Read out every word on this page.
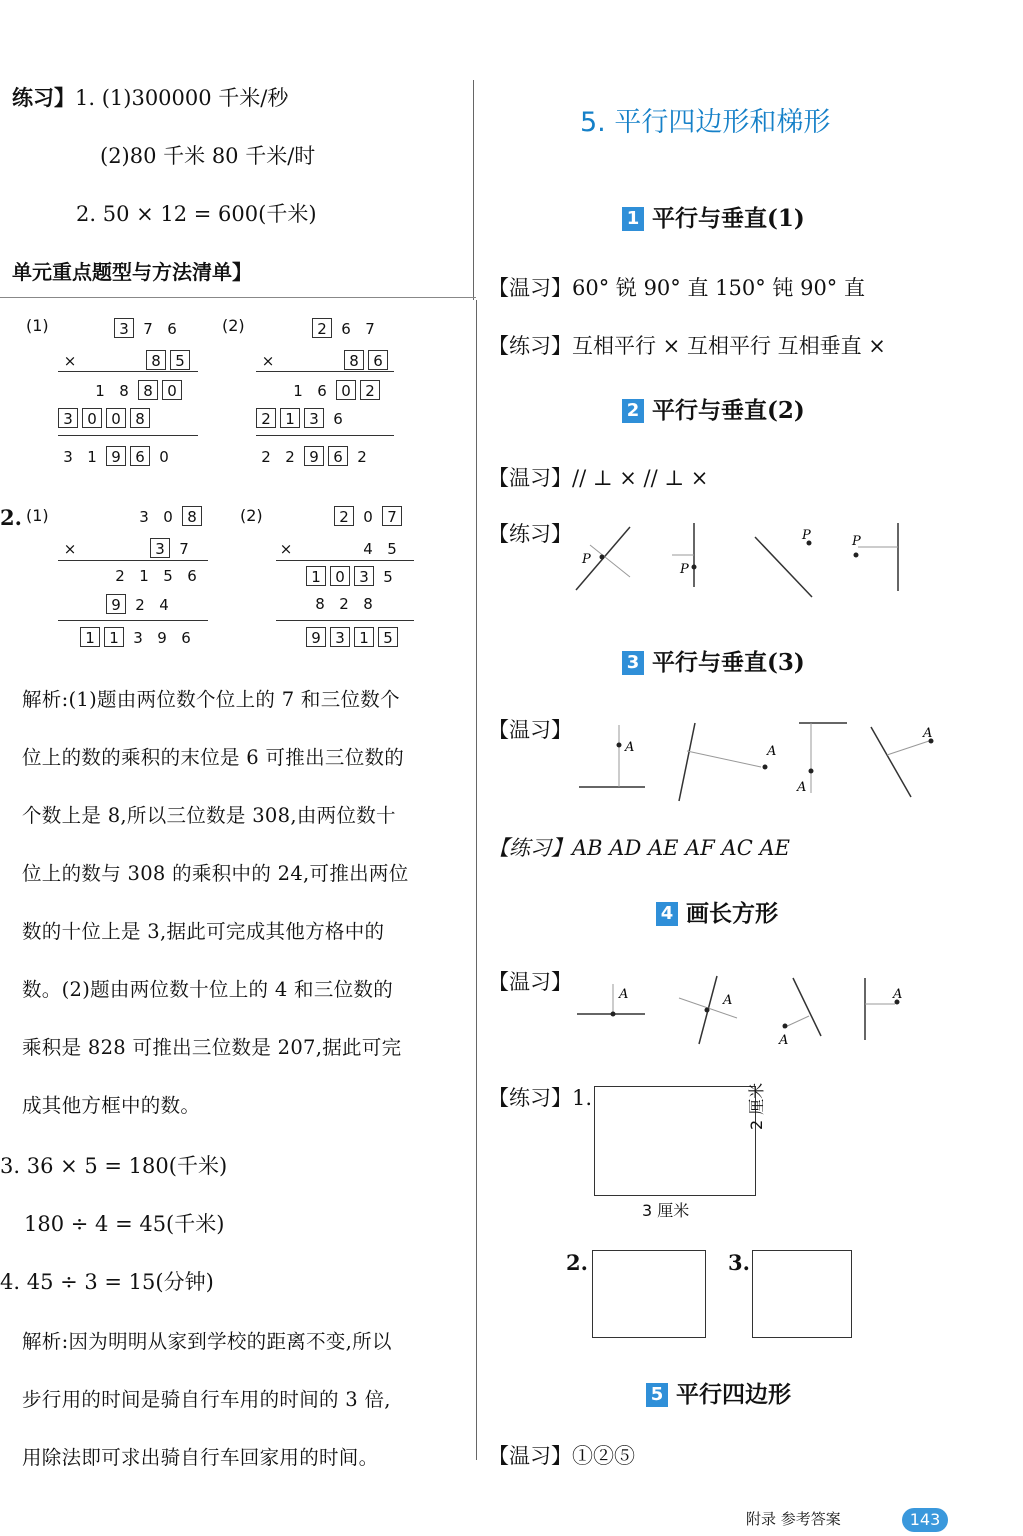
练习】1. (1)300000 千米/秒
(2)80 千米 80 千米/时
2. 50 × 12 = 600(千米)
单元重点题型与方法清单】
(1)	3 7 6
×	8 5
1 8 8 0
3 0 0 8
3 1 9 6 0
(2)	2 6 7
×	8 6
1 6 0 2
2 1 3 6
2 2 9 6 2
2. (1)	3 0 8
×	3 7
2 1 5 6
9 2 4
1 1 3 9 6
(2)	2 0 7
×	4 5
1 0 3 5
8 2 8
9 3 1 5
解析:(1)题由两位数个位上的 7 和三位数个
位上的数的乘积的末位是 6 可推出三位数的
个数上是 8,所以三位数是 308,由两位数十
位上的数与 308 的乘积中的 24,可推出两位
数的十位上是 3,据此可完成其他方格中的
数。(2)题由两位数十位上的 4 和三位数的
乘积是 828 可推出三位数是 207,据此可完
成其他方框中的数。
3. 36 × 5 = 180(千米)
180 ÷ 4 = 45(千米)
4. 45 ÷ 3 = 15(分钟)
解析:因为明明从家到学校的距离不变,所以
步行用的时间是骑自行车用的时间的 3 倍,
用除法即可求出骑自行车回家用的时间。
5. 平行四边形和梯形
1 平行与垂直(1)
【温习】60° 锐 90° 直 150° 钝 90° 直
【练习】互相平行 × 互相平行 互相垂直 ×
2 平行与垂直(2)
【温习】// ⊥ × // ⊥ ×
【练习】
P
P
P	P
3 平行与垂直(3)
【温习】
A	A
A
A
【练习】AB AD AE AF AC AE
4 画长方形
【温习】
A	A
A
A
【练习】1.
3 厘米
2 厘米
2.	3.
5 平行四边形
【温习】①②⑤
附录 参考答案	143
